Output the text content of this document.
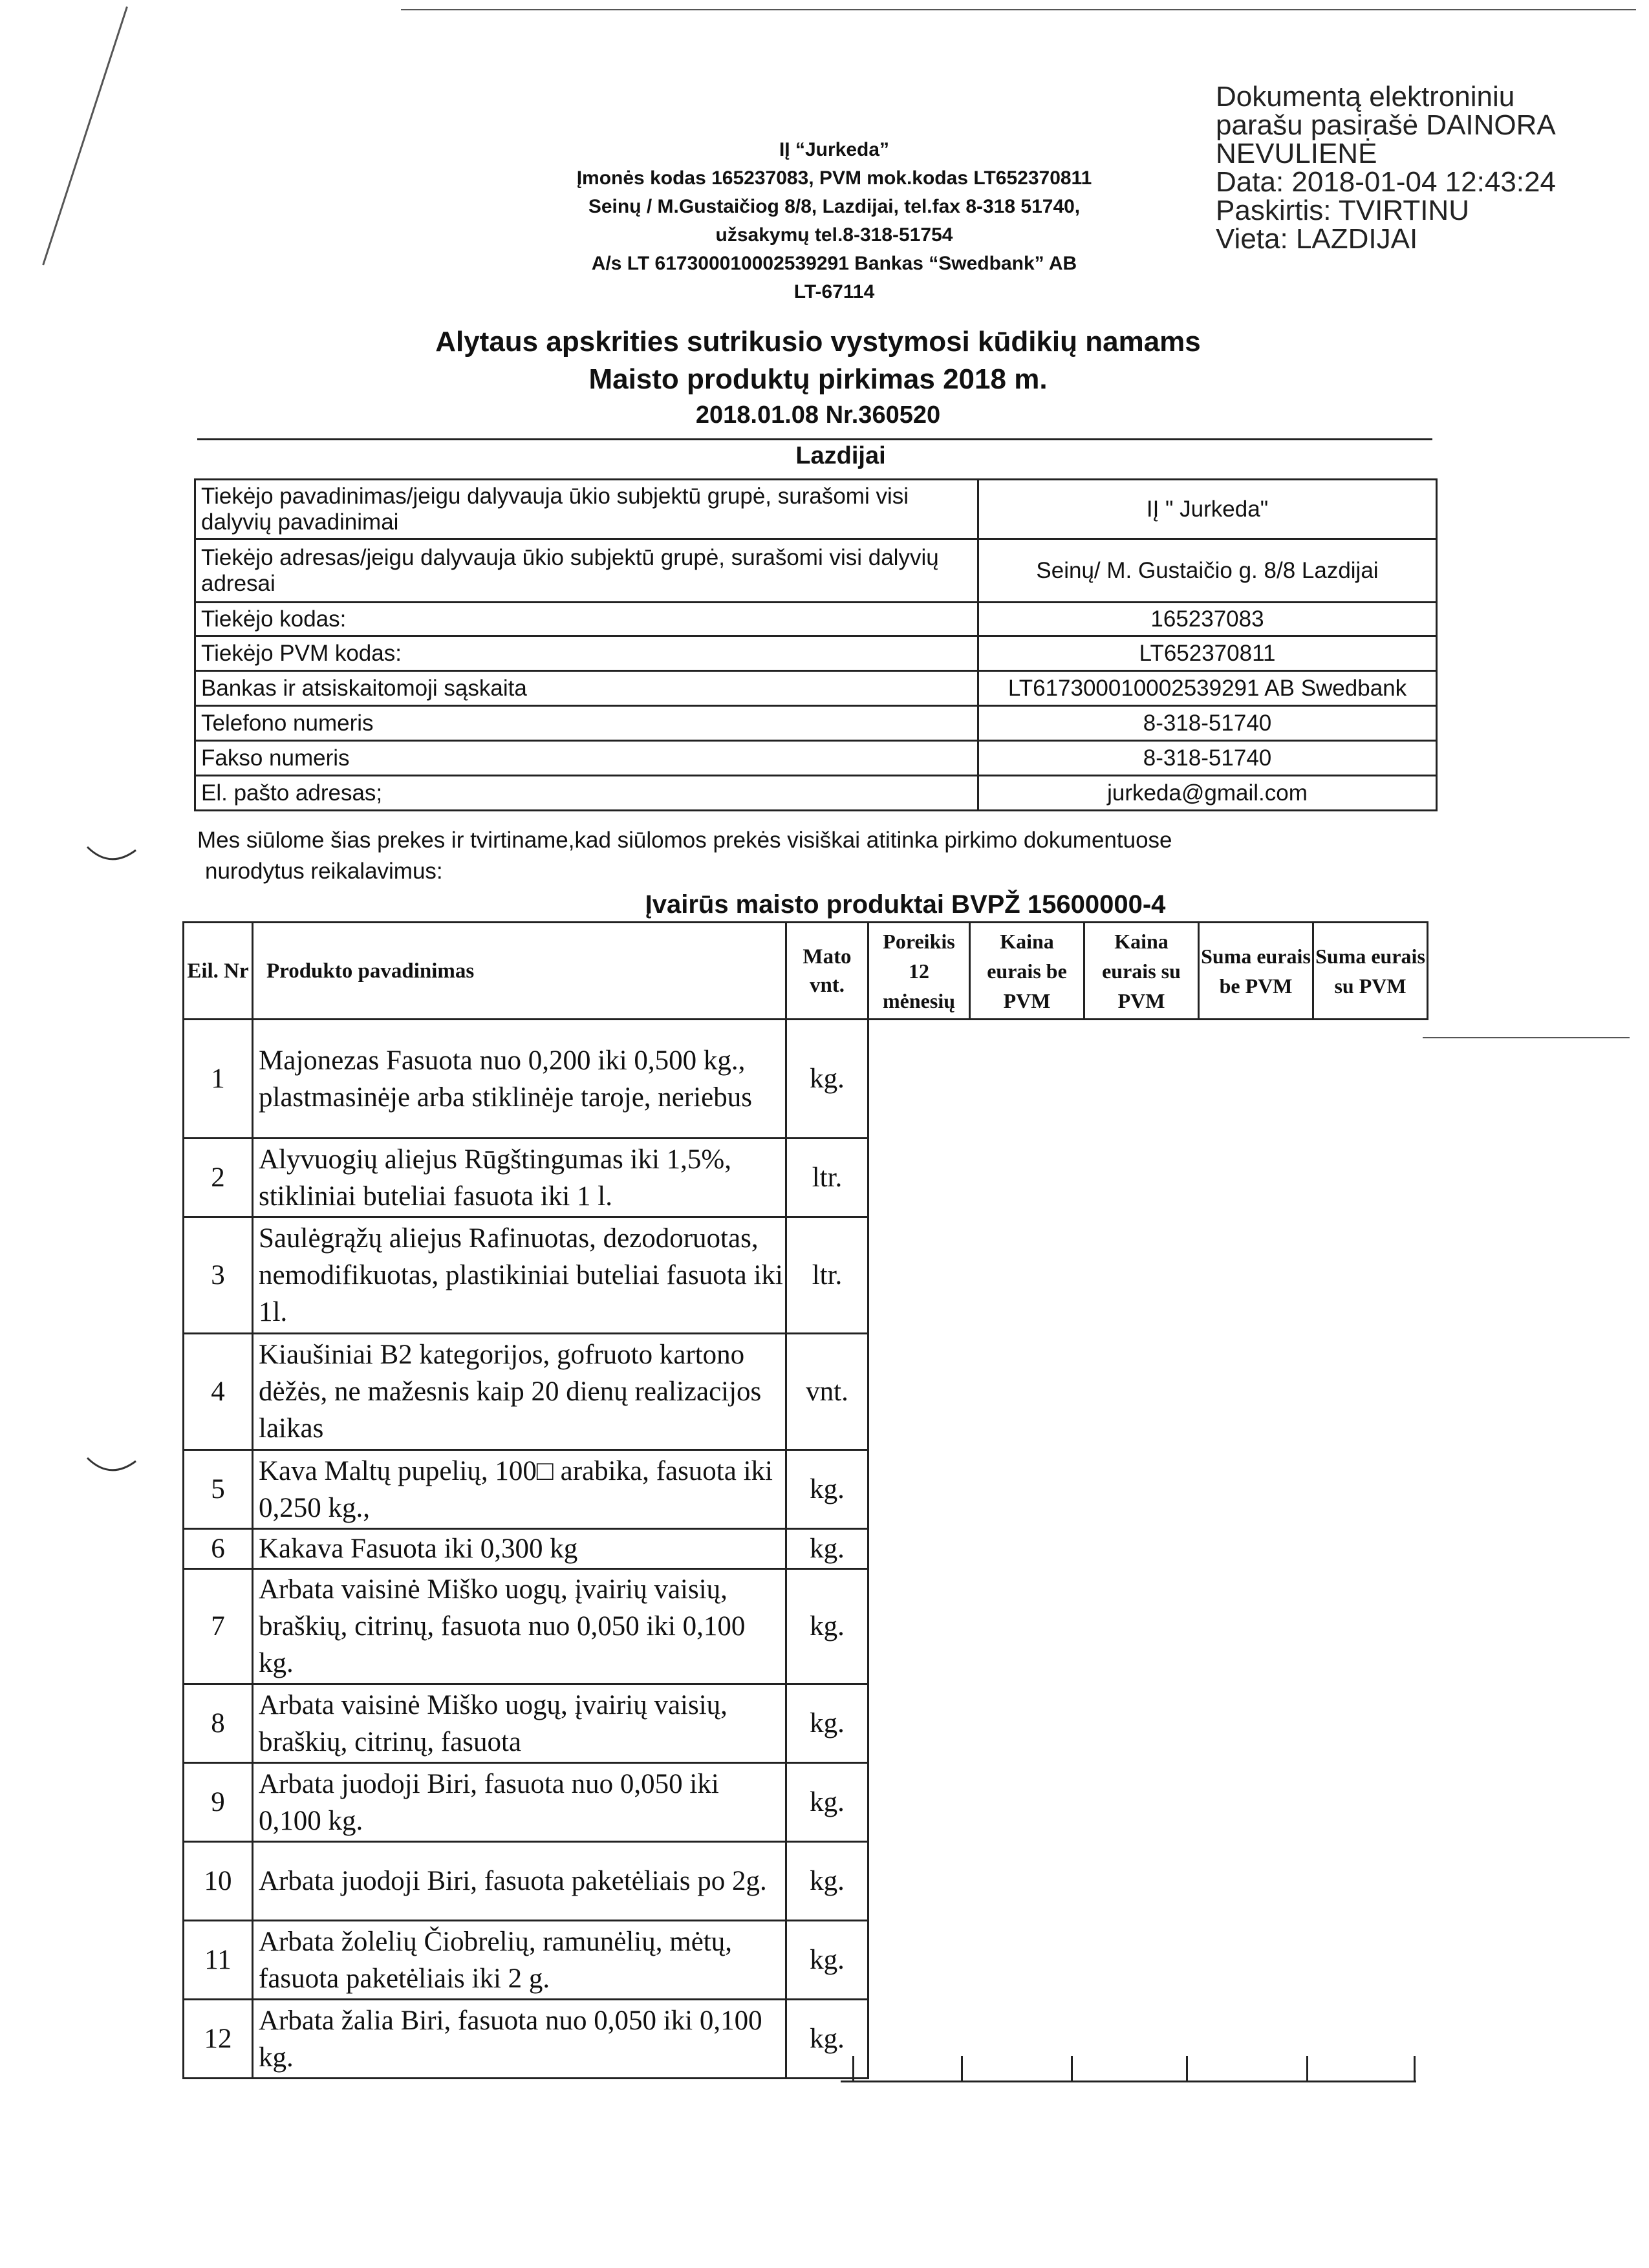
Dokumentą elektroniniu
parašu pasirašė DAINORA
NEVULIENĖ
Data: 2018-01-04 12:43:24
Paskirtis: TVIRTINU
Vieta: LAZDIJAI
IĮ “Jurkeda”
Įmonės kodas 165237083, PVM mok.kodas LT652370811
Seinų / M.Gustaičiog 8/8, Lazdijai, tel.fax 8-318 51740,
užsakymų tel.8-318-51754
A/s LT 617300010002539291 Bankas “Swedbank” AB
LT-67114
Alytaus apskrities sutrikusio vystymosi kūdikių namams
Maisto produktų pirkimas 2018 m.
2018.01.08 Nr.360520
Lazdijai
Tiekėjo pavadinimas/jeigu dalyvauja ūkio subjektū grupė, surašomi visi dalyvių pavadinimai	IĮ " Jurkeda"
Tiekėjo adresas/jeigu dalyvauja ūkio subjektū grupė, surašomi visi dalyvių adresai	Seinų/ M. Gustaičio g. 8/8 Lazdijai
Tiekėjo kodas:	165237083
Tiekėjo PVM kodas:	LT652370811
Bankas ir atsiskaitomoji sąskaita	LT617300010002539291 AB Swedbank
Telefono numeris	8-318-51740
Fakso numeris	8-318-51740
El. pašto adresas;	jurkeda@gmail.com
Mes siūlome šias prekes ir tvirtiname,kad siūlomos prekės visiškai atitinka pirkimo dokumentuose
nurodytus reikalavimus:
Įvairūs maisto produktai BVPŽ 15600000-4
Eil. Nr	Produkto pavadinimas	Mato vnt.	Poreikis 12 mėnesių	Kaina eurais be PVM	Kaina eurais su PVM	Suma eurais be PVM	Suma eurais su PVM
1	Majonezas Fasuota nuo 0,200 iki 0,500 kg., plastmasinėje arba stiklinėje taroje, neriebus	kg.					
2	Alyvuogių aliejus Rūgštingumas iki 1,5%, stikliniai buteliai fasuota iki 1 l.	ltr.					
3	Saulėgrąžų aliejus Rafinuotas, dezodoruotas, nemodifikuotas, plastikiniai buteliai fasuota iki 1l.	ltr.					
4	Kiaušiniai B2 kategorijos, gofruoto kartono dėžės, ne mažesnis kaip 20 dienų realizacijos laikas	vnt.					
5	Kava Maltų pupelių, 100□ arabika, fasuota iki 0,250 kg.,	kg.					
6	Kakava Fasuota iki 0,300 kg	kg.					
7	Arbata vaisinė Miško uogų, įvairių vaisių, braškių, citrinų, fasuota nuo 0,050 iki 0,100 kg.	kg.					
8	Arbata vaisinė Miško uogų, įvairių vaisių, braškių, citrinų, fasuota	kg.					
9	Arbata juodoji Biri, fasuota nuo 0,050 iki 0,100 kg.	kg.					
10	Arbata juodoji Biri, fasuota paketėliais po 2g.	kg.					
11	Arbata žolelių Čiobrelių, ramunėlių, mėtų, fasuota paketėliais iki 2 g.	kg.					
12	Arbata žalia Biri, fasuota nuo 0,050 iki 0,100 kg.	kg.					
